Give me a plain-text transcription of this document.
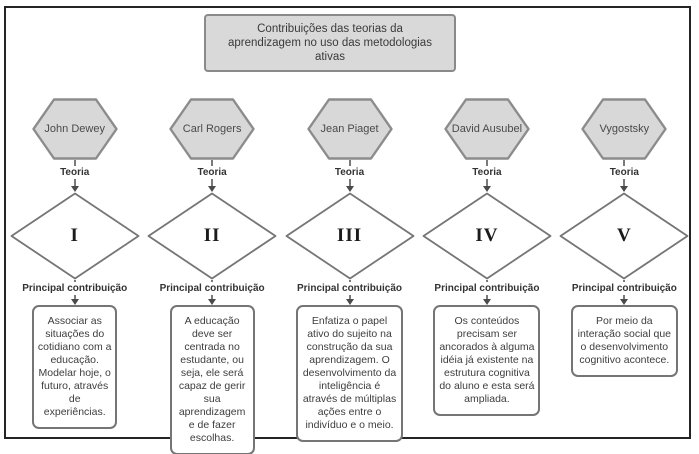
Contribuições das teorias da aprendizagem no uso das metodologias ativas
John Dewey
Teoria
I
Principal contribuição
Associar as situações do cotidiano com a educação. Modelar hoje, o futuro, através de experiências.
Carl Rogers
Teoria
II
Principal contribuição
A educação deve ser centrada no estudante, ou seja, ele será capaz de gerir sua aprendizagem e de fazer escolhas.
Jean Piaget
Teoria
III
Principal contribuição
Enfatiza o papel ativo do sujeito na construção da sua aprendizagem. O desenvolvimento da inteligência é através de múltiplas ações entre o indivíduo e o meio.
David Ausubel
Teoria
IV
Principal contribuição
Os conteúdos precisam ser ancorados à alguma idéia já existente na estrutura cognitiva do aluno e esta será ampliada.
Vygostsky
Teoria
V
Principal contribuição
Por meio da interação social que o desenvolvimento cognitivo acontece.
